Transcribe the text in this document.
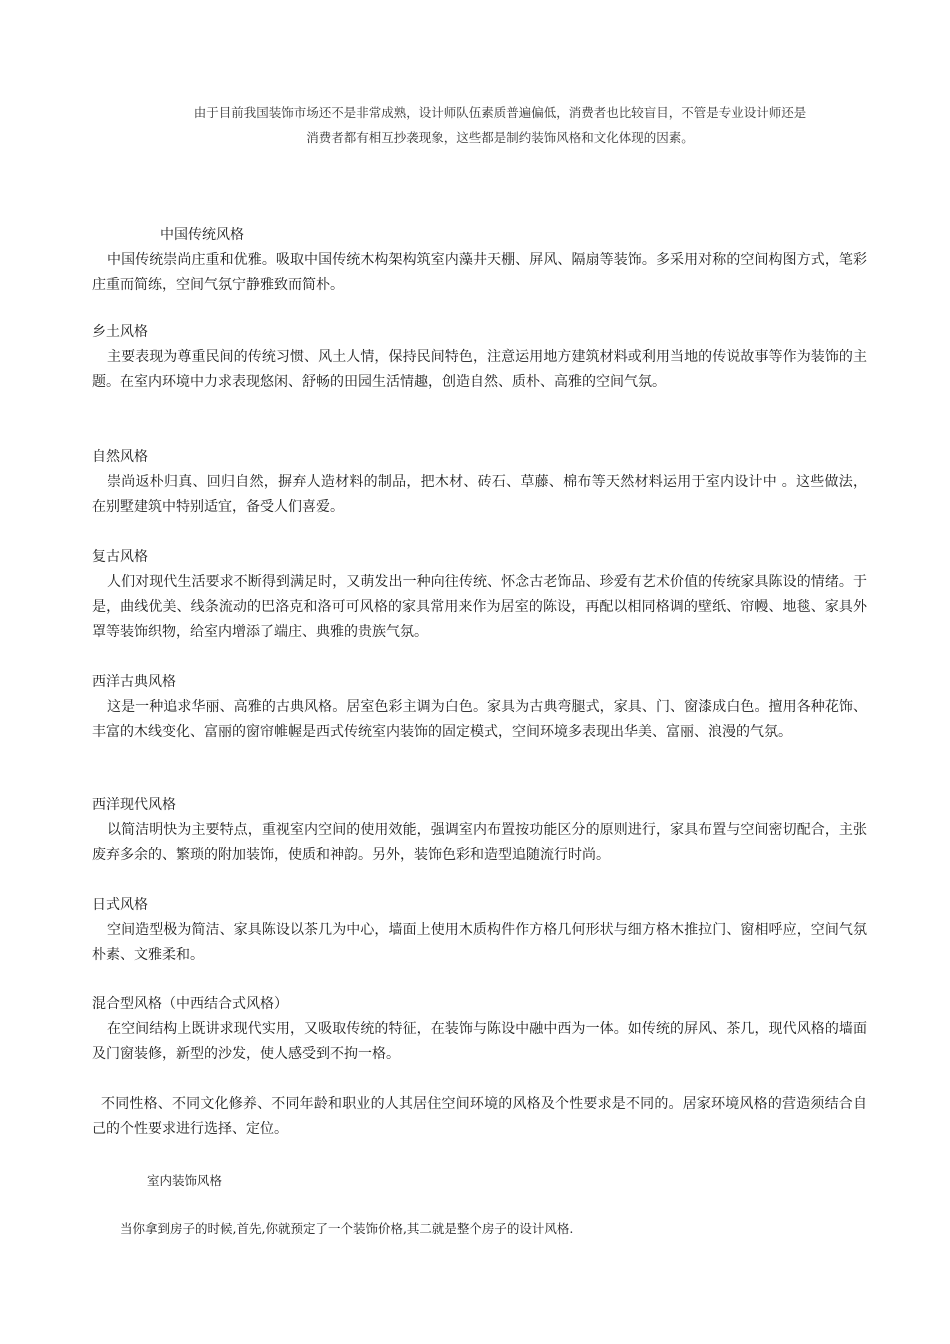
由于目前我国装饰市场还不是非常成熟，设计师队伍素质普遍偏低，消费者也比较盲目，不管是专业设计师还是
消费者都有相互抄袭现象，这些都是制约装饰风格和文化体现的因素。
中国传统风格
中国传统崇尚庄重和优雅。吸取中国传统木构架构筑室内藻井天棚、屏风、隔扇等装饰。多采用对称的空间构图方式，笔彩庄重而简练，空间气氛宁静雅致而简朴。
乡土风格
主要表现为尊重民间的传统习惯、风土人情，保持民间特色，注意运用地方建筑材料或利用当地的传说故事等作为装饰的主题。在室内环境中力求表现悠闲、舒畅的田园生活情趣，创造自然、质朴、高雅的空间气氛。
自然风格
崇尚返朴归真、回归自然，摒弃人造材料的制品，把木材、砖石、草藤、棉布等天然材料运用于室内设计中 。这些做法，在别墅建筑中特别适宜，备受人们喜爱。
复古风格
人们对现代生活要求不断得到满足时，又萌发出一种向往传统、怀念古老饰品、珍爱有艺术价值的传统家具陈设的情绪。于是，曲线优美、线条流动的巴洛克和洛可可风格的家具常用来作为居室的陈设，再配以相同格调的壁纸、帘幔、地毯、家具外罩等装饰织物，给室内增添了端庄、典雅的贵族气氛。
西洋古典风格
这是一种追求华丽、高雅的古典风格。居室色彩主调为白色。家具为古典弯腿式，家具、门、窗漆成白色。擅用各种花饰、丰富的木线变化、富丽的窗帘帷幄是西式传统室内装饰的固定模式，空间环境多表现出华美、富丽、浪漫的气氛。
西洋现代风格
以简洁明快为主要特点，重视室内空间的使用效能，强调室内布置按功能区分的原则进行，家具布置与空间密切配合，主张废弃多余的、繁琐的附加装饰，使质和神韵。另外，装饰色彩和造型追随流行时尚。
日式风格
空间造型极为简洁、家具陈设以茶几为中心，墙面上使用木质构件作方格几何形状与细方格木推拉门、窗相呼应，空间气氛朴素、文雅柔和。
混合型风格（中西结合式风格）
在空间结构上既讲求现代实用，又吸取传统的特征，在装饰与陈设中融中西为一体。如传统的屏风、茶几，现代风格的墙面及门窗装修，新型的沙发，使人感受到不拘一格。
不同性格、不同文化修养、不同年龄和职业的人其居住空间环境的风格及个性要求是不同的。居家环境风格的营造须结合自己的个性要求进行选择、定位。
室内装饰风格
当你拿到房子的时候,首先,你就预定了一个装饰价格,其二就是整个房子的设计风格.
